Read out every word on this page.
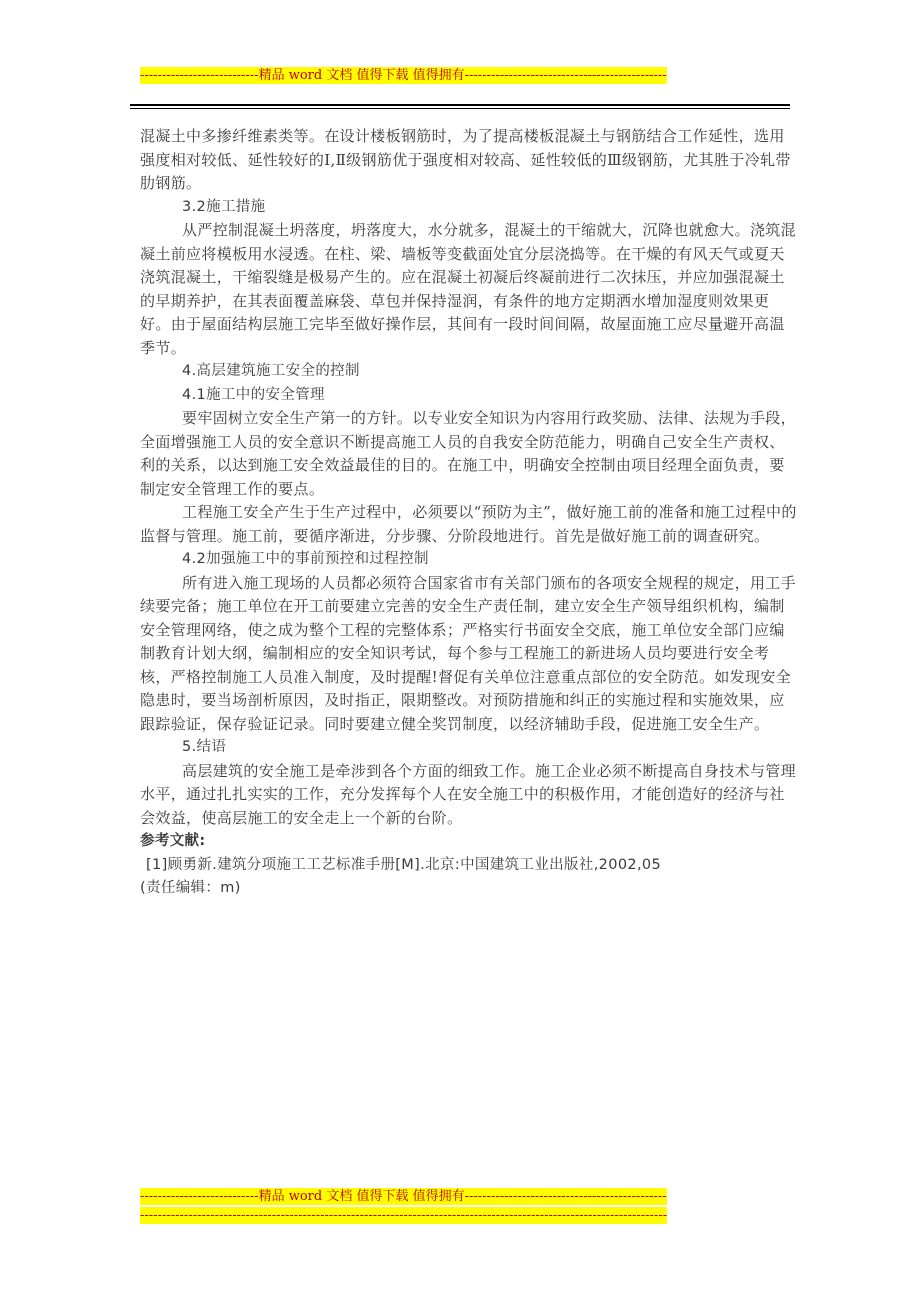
---------------------------精品 word 文档 值得下载 值得拥有----------------------------------------------

混凝土中多掺纤维素类等。在设计楼板钢筋时，为了提高楼板混凝土与钢筋结合工作延性，选用强度相对较低、延性较好的Ⅰ,Ⅱ级钢筋优于强度相对较高、延性较低的Ⅲ级钢筋，尤其胜于冷轧带肋钢筋。

3.2施工措施

从严控制混凝土坍落度，坍落度大，水分就多，混凝土的干缩就大，沉降也就愈大。浇筑混凝土前应将模板用水浸透。在柱、梁、墙板等变截面处宜分层浇捣等。在干燥的有风天气或夏天浇筑混凝土，干缩裂缝是极易产生的。应在混凝土初凝后终凝前进行二次抹压，并应加强混凝土的早期养护，在其表面覆盖麻袋、草包并保持湿润，有条件的地方定期洒水增加湿度则效果更好。由于屋面结构层施工完毕至做好操作层，其间有一段时间间隔，故屋面施工应尽量避开高温季节。

4.高层建筑施工安全的控制

4.1施工中的安全管理

要牢固树立安全生产第一的方针。以专业安全知识为内容用行政奖励、法律、法规为手段，全面增强施工人员的安全意识不断提高施工人员的自我安全防范能力，明确自己安全生产责权、利的关系，以达到施工安全效益最佳的目的。在施工中，明确安全控制由项目经理全面负责，要制定安全管理工作的要点。

工程施工安全产生于生产过程中，必须要以“预防为主”，做好施工前的准备和施工过程中的监督与管理。施工前，要循序渐进，分步骤、分阶段地进行。首先是做好施工前的调查研究。

4.2加强施工中的事前预控和过程控制

所有进入施工现场的人员都必须符合国家省市有关部门颁布的各项安全规程的规定，用工手续要完备；施工单位在开工前要建立完善的安全生产责任制，建立安全生产领导组织机构，编制安全管理网络，使之成为整个工程的完整体系；严格实行书面安全交底，施工单位安全部门应编制教育计划大纲，编制相应的安全知识考试，每个参与工程施工的新进场人员均要进行安全考核，严格控制施工人员准入制度，及时提醒!督促有关单位注意重点部位的安全防范。如发现安全隐患时，要当场剖析原因，及时指正，限期整改。对预防措施和纠正的实施过程和实施效果，应跟踪验证，保存验证记录。同时要建立健全奖罚制度，以经济辅助手段，促进施工安全生产。

5.结语

高层建筑的安全施工是牵涉到各个方面的细致工作。施工企业必须不断提高自身技术与管理水平，通过扎扎实实的工作，充分发挥每个人在安全施工中的积极作用，才能创造好的经济与社会效益，使高层施工的安全走上一个新的台阶。

参考文献:

[1]顾勇新.建筑分项施工工艺标准手册[M].北京:中国建筑工业出版社,2002,05

(责任编辑：m)

---------------------------精品 word 文档 值得下载 值得拥有----------------------------------------------
------------------------------------------------------------------------------------------------------------------------
